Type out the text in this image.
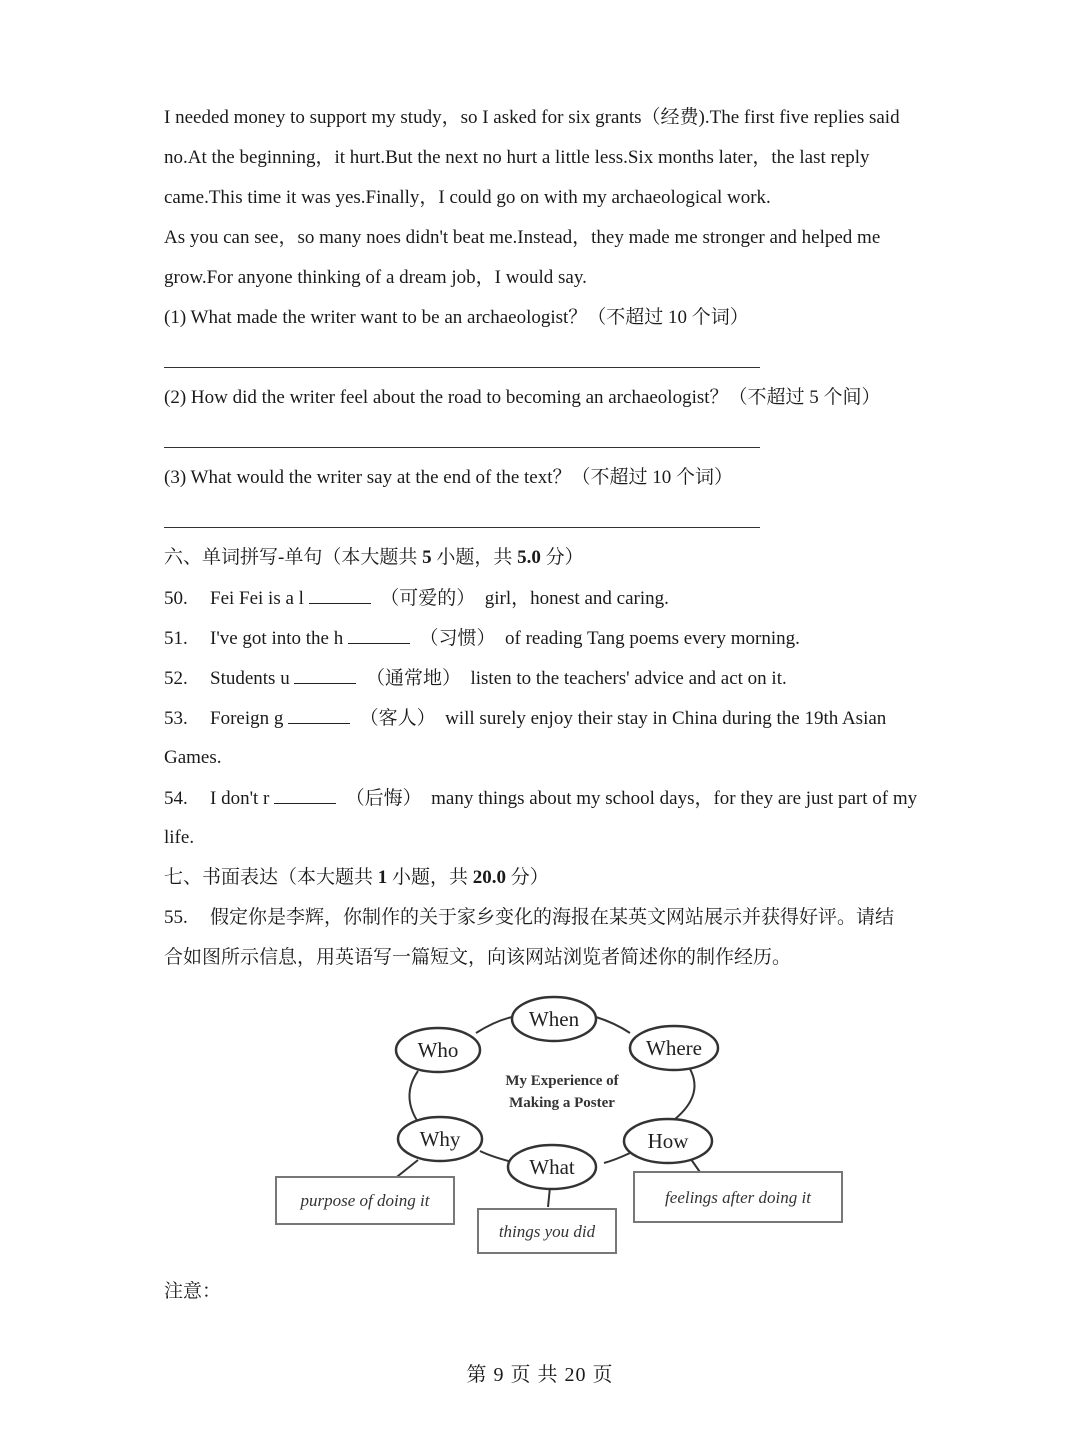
I needed money to support my study，so I asked for six grants（经费).The first five replies said
no.At the beginning，it hurt.But the next no hurt a little less.Six months later，the last reply
came.This time it was yes.Finally，I could go on with my archaeological work.
As you can see，so many noes didn't beat me.Instead，they made me stronger and helped me
grow.For anyone thinking of a dream job，I would say.
(1) What made the writer want to be an archaeologist？（不超过 10 个词）
(2) How did the writer feel about the road to becoming an archaeologist？（不超过 5 个间）
(3) What would the writer say at the end of the text？（不超过 10 个词）
六、单词拼写-单句（本大题共 5 小题，共 5.0 分）
50. Fei Fei is a l	（可爱的） girl，honest and caring.
51. I've got into the h	（习惯） of reading Tang poems every morning.
52. Students u	（通常地） listen to the teachers' advice and act on it.
53. Foreign g	（客人） will surely enjoy their stay in China during the 19th Asian
Games.
54. I don't r	（后悔） many things about my school days，for they are just part of my
life.
七、书面表达（本大题共 1 小题，共 20.0 分）
55. 假定你是李辉，你制作的关于家乡变化的海报在某英文网站展示并获得好评。请结
合如图所示信息，用英语写一篇短文，向该网站浏览者简述你的制作经历。
When
Who	Where
Why	How
What
My Experience of
Making a Poster
purpose of doing it
things you did
feelings after doing it
注意：
第 9 页 共 20 页
